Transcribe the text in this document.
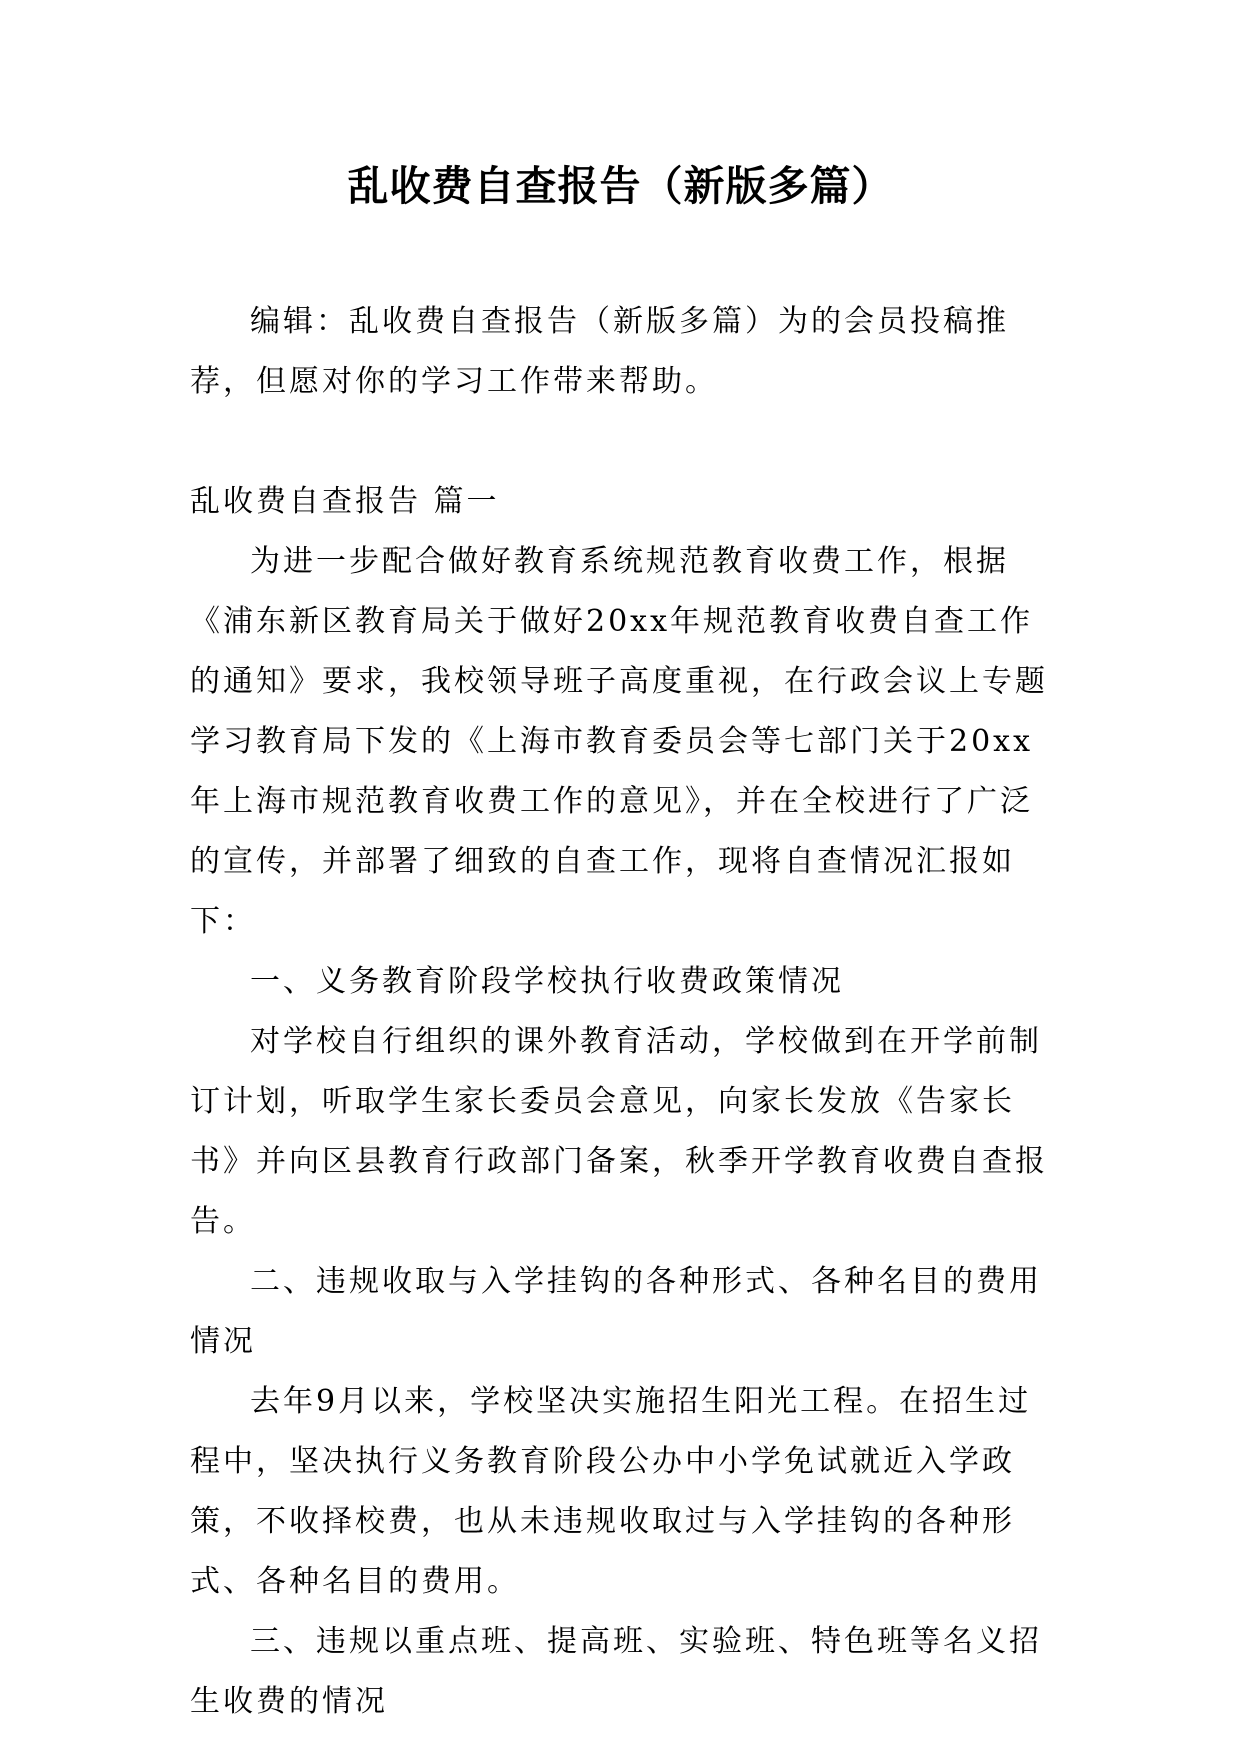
乱收费自查报告（新版多篇）

编辑：乱收费自查报告（新版多篇）为的会员投稿推荐，但愿对你的学习工作带来帮助。

乱收费自查报告 篇一

为进一步配合做好教育系统规范教育收费工作，根据《浦东新区教育局关于做好20xx年规范教育收费自查工作的通知》要求，我校领导班子高度重视，在行政会议上专题学习教育局下发的《上海市教育委员会等七部门关于20xx年上海市规范教育收费工作的意见》，并在全校进行了广泛的宣传，并部署了细致的自查工作，现将自查情况汇报如下：

一、义务教育阶段学校执行收费政策情况

对学校自行组织的课外教育活动，学校做到在开学前制订计划，听取学生家长委员会意见，向家长发放《告家长书》并向区县教育行政部门备案，秋季开学教育收费自查报告。

二、违规收取与入学挂钩的各种形式、各种名目的费用情况

去年9月以来，学校坚决实施招生阳光工程。在招生过程中，坚决执行义务教育阶段公办中小学免试就近入学政策，不收择校费，也从未违规收取过与入学挂钩的各种形式、各种名目的费用。

三、违规以重点班、提高班、实验班、特色班等名义招生收费的情况
